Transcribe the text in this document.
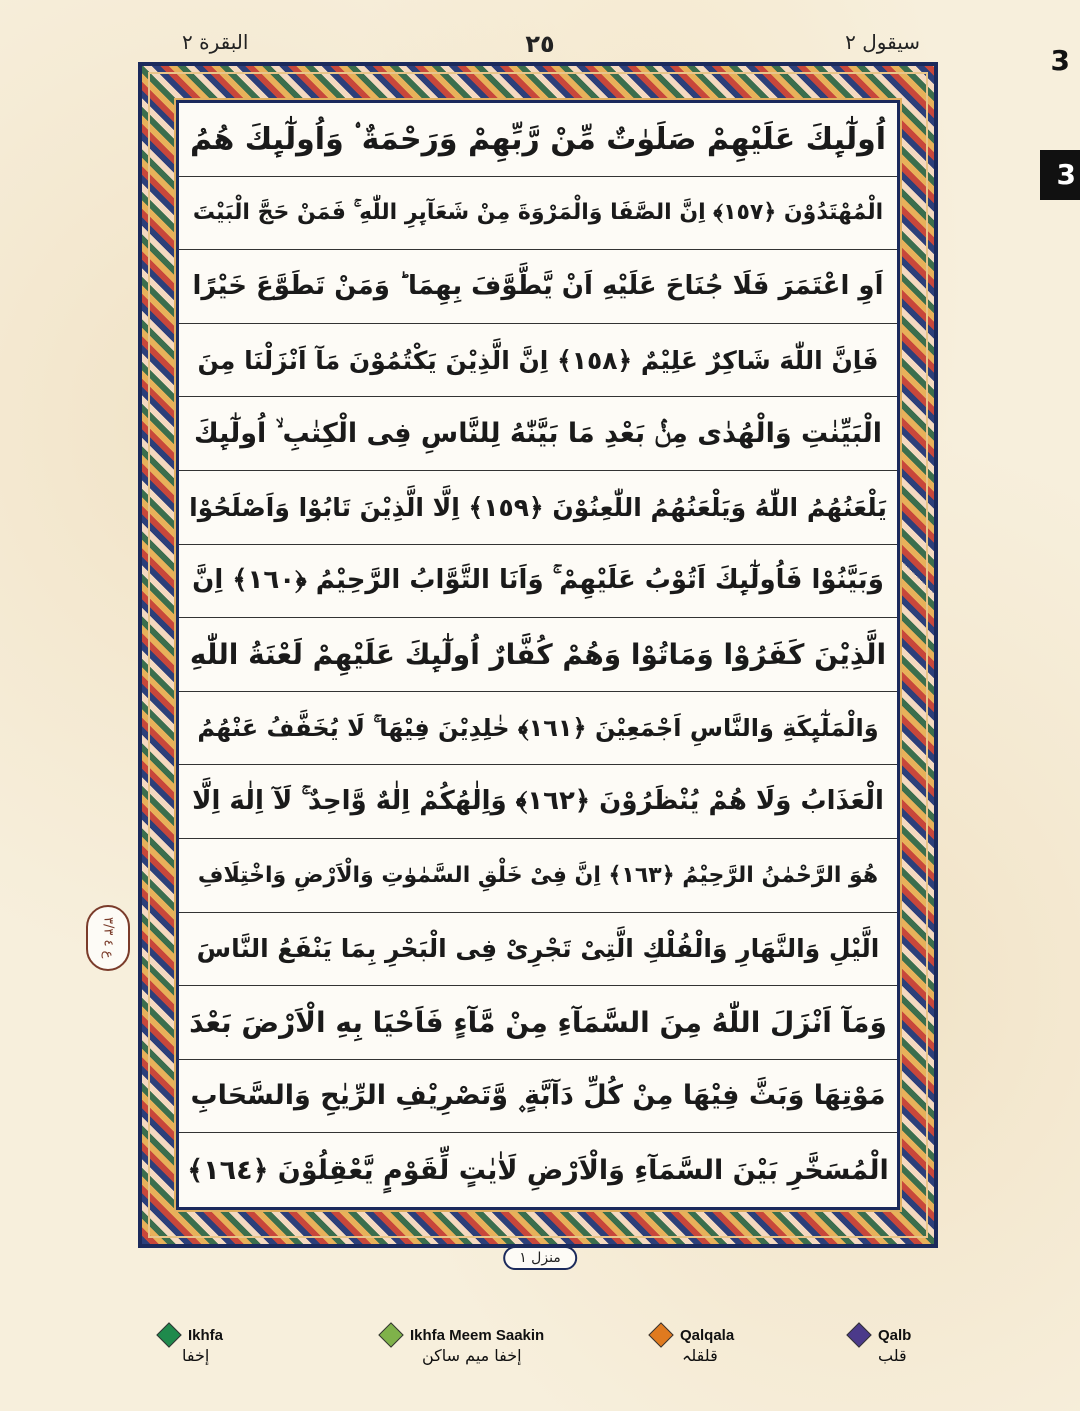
البقرة ٢	٢٥	سيقول ٢
3
3
اُولٰٓىِٕكَ عَلَيْهِمْ صَلَوٰتٌ مِّنْ رَّبِّهِمْ وَرَحْمَةٌ ۟ وَاُولٰٓىِٕكَ هُمُ
الْمُهْتَدُوْنَ ﴿١٥٧﴾ اِنَّ الصَّفَا وَالْمَرْوَةَ مِنْ شَعَآىِٕرِ اللّٰهِ ۚ فَمَنْ حَجَّ الْبَيْتَ
اَوِ اعْتَمَرَ فَلَا جُنَاحَ عَلَيْهِ اَنْ يَّطَّوَّفَ بِهِمَا ؕ وَمَنْ تَطَوَّعَ خَيْرًا
فَاِنَّ اللّٰهَ شَاكِرٌ عَلِيْمٌ ﴿١٥٨﴾ اِنَّ الَّذِيْنَ يَكْتُمُوْنَ مَآ اَنْزَلْنَا مِنَ
الْبَيِّنٰتِ وَالْهُدٰى مِنْۢ بَعْدِ مَا بَيَّنّٰهُ لِلنَّاسِ فِى الْكِتٰبِ ۙ اُولٰٓىِٕكَ
يَلْعَنُهُمُ اللّٰهُ وَيَلْعَنُهُمُ اللّٰعِنُوْنَ ﴿١٥٩﴾ اِلَّا الَّذِيْنَ تَابُوْا وَاَصْلَحُوْا
وَبَيَّنُوْا فَاُولٰٓىِٕكَ اَتُوْبُ عَلَيْهِمْ ۚ وَاَنَا التَّوَّابُ الرَّحِيْمُ ﴿١٦٠﴾ اِنَّ
الَّذِيْنَ كَفَرُوْا وَمَاتُوْا وَهُمْ كُفَّارٌ اُولٰٓىِٕكَ عَلَيْهِمْ لَعْنَةُ اللّٰهِ
وَالْمَلٰٓىِٕكَةِ وَالنَّاسِ اَجْمَعِيْنَ ﴿١٦١﴾ خٰلِدِيْنَ فِيْهَا ۚ لَا يُخَفَّفُ عَنْهُمُ
الْعَذَابُ وَلَا هُمْ يُنْظَرُوْنَ ﴿١٦٢﴾ وَاِلٰهُكُمْ اِلٰهٌ وَّاحِدٌ ۚ لَآ اِلٰهَ اِلَّا
هُوَ الرَّحْمٰنُ الرَّحِيْمُ ﴿١٦٣﴾ اِنَّ فِىْ خَلْقِ السَّمٰوٰتِ وَالْاَرْضِ وَاخْتِلَافِ
الَّيْلِ وَالنَّهَارِ وَالْفُلْكِ الَّتِىْ تَجْرِىْ فِى الْبَحْرِ بِمَا يَنْفَعُ النَّاسَ
وَمَآ اَنْزَلَ اللّٰهُ مِنَ السَّمَآءِ مِنْ مَّآءٍ فَاَحْيَا بِهِ الْاَرْضَ بَعْدَ
مَوْتِهَا وَبَثَّ فِيْهَا مِنْ كُلِّ دَآبَّةٍ ۪ وَّتَصْرِيْفِ الرِّيٰحِ وَالسَّحَابِ
الْمُسَخَّرِ بَيْنَ السَّمَآءِ وَالْاَرْضِ لَاٰيٰتٍ لِّقَوْمٍ يَّعْقِلُوْنَ ﴿١٦٤﴾
ع ٤ ٣/٣
منزل ١
Ikhfa
إخفا
Ikhfa Meem Saakin
إخفا میم ساکن
Qalqala
قلقلہ
Qalb
قلب
